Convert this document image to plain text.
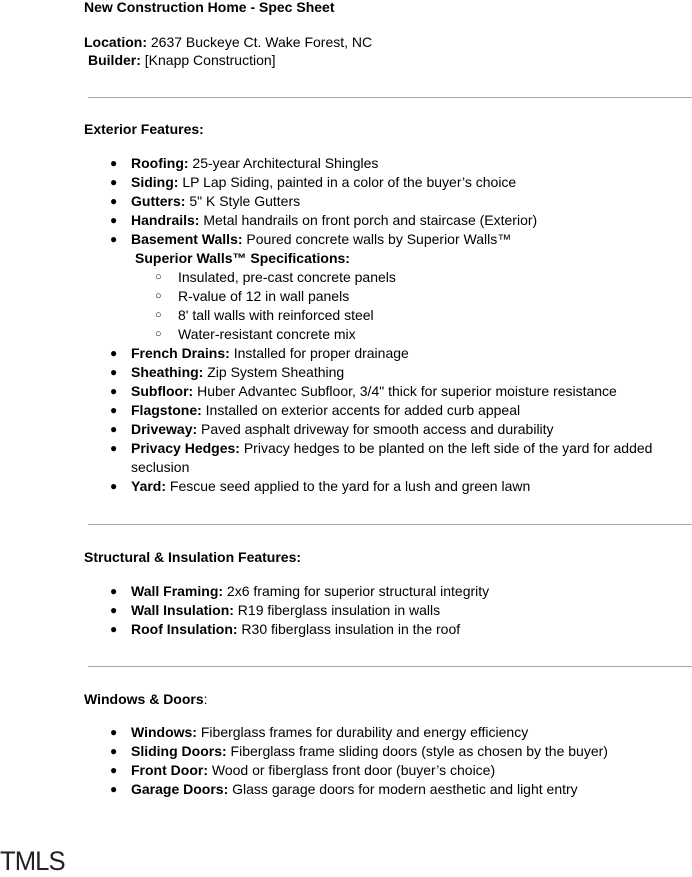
New Construction Home - Spec Sheet
Location: 2637 Buckeye Ct. Wake Forest, NC
Builder: [Knapp Construction]
Exterior Features:
● Roofing: 25-year Architectural Shingles
● Siding: LP Lap Siding, painted in a color of the buyer’s choice
● Gutters: 5" K Style Gutters
● Handrails: Metal handrails on front porch and staircase (Exterior)
● Basement Walls: Poured concrete walls by Superior Walls™
Superior Walls™ Specifications:
○ Insulated, pre-cast concrete panels
○ R-value of 12 in wall panels
○ 8' tall walls with reinforced steel
○ Water-resistant concrete mix
● French Drains: Installed for proper drainage
● Sheathing: Zip System Sheathing
● Subfloor: Huber Advantec Subfloor, 3/4" thick for superior moisture resistance
● Flagstone: Installed on exterior accents for added curb appeal
● Driveway: Paved asphalt driveway for smooth access and durability
● Privacy Hedges: Privacy hedges to be planted on the left side of the yard for added seclusion
● Yard: Fescue seed applied to the yard for a lush and green lawn
Structural & Insulation Features:
● Wall Framing: 2x6 framing for superior structural integrity
● Wall Insulation: R19 fiberglass insulation in walls
● Roof Insulation: R30 fiberglass insulation in the roof
Windows & Doors:
● Windows: Fiberglass frames for durability and energy efficiency
● Sliding Doors: Fiberglass frame sliding doors (style as chosen by the buyer)
● Front Door: Wood or fiberglass front door (buyer’s choice)
● Garage Doors: Glass garage doors for modern aesthetic and light entry
TMLS
